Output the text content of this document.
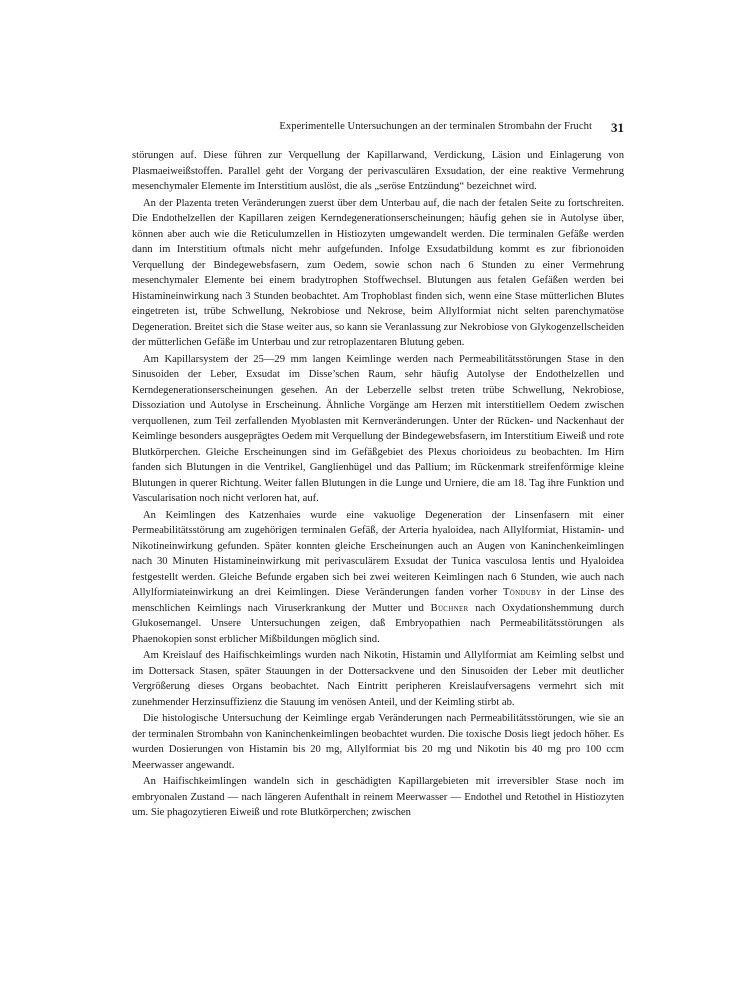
Experimentelle Untersuchungen an der terminalen Strombahn der Frucht 31

störungen auf. Diese führen zur Verquellung der Kapillarwand, Verdickung, Läsion und Einlagerung von Plasmaeiweißstoffen. Parallel geht der Vorgang der perivasculären Exsudation, der eine reaktive Vermehrung mesenchymaler Elemente im Interstitium auslöst, die als „seröse Entzündung“ bezeichnet wird.

An der Plazenta treten Veränderungen zuerst über dem Unterbau auf, die nach der fetalen Seite zu fortschreiten. Die Endothelzellen der Kapillaren zeigen Kerndegenerationserscheinungen; häufig gehen sie in Autolyse über, können aber auch wie die Reticulumzellen in Histiozyten umgewandelt werden. Die terminalen Gefäße werden dann im Interstitium oftmals nicht mehr aufgefunden. Infolge Exsudatbildung kommt es zur fibrionoiden Verquellung der Bindegewebsfasern, zum Oedem, sowie schon nach 6 Stunden zu einer Vermehrung mesenchymaler Elemente bei einem bradytrophen Stoffwechsel. Blutungen aus fetalen Gefäßen werden bei Histamineinwirkung nach 3 Stunden beobachtet. Am Trophoblast finden sich, wenn eine Stase mütterlichen Blutes eingetreten ist, trübe Schwellung, Nekrobiose und Nekrose, beim Allylformiat nicht selten parenchymatöse Degeneration. Breitet sich die Stase weiter aus, so kann sie Veranlassung zur Nekrobiose von Glykogenzellscheiden der mütterlichen Gefäße im Unterbau und zur retroplazentaren Blutung geben.

Am Kapillarsystem der 25—29 mm langen Keimlinge werden nach Permeabilitätsstörungen Stase in den Sinusoiden der Leber, Exsudat im Disse’schen Raum, sehr häufig Autolyse der Endothelzellen und Kerndegenerationserscheinungen gesehen. An der Leberzelle selbst treten trübe Schwellung, Nekrobiose, Dissoziation und Autolyse in Erscheinung. Ähnliche Vorgänge am Herzen mit interstitiellem Oedem zwischen verquollenen, zum Teil zerfallenden Myoblasten mit Kernveränderungen. Unter der Rücken- und Nackenhaut der Keimlinge besonders ausgeprägtes Oedem mit Verquellung der Bindegewebsfasern, im Interstitium Eiweiß und rote Blutkörperchen. Gleiche Erscheinungen sind im Gefäßgebiet des Plexus chorioideus zu beobachten. Im Hirn fanden sich Blutungen in die Ventrikel, Ganglienhügel und das Pallium; im Rückenmark streifenförmige kleine Blutungen in querer Richtung. Weiter fallen Blutungen in die Lunge und Urniere, die am 18. Tag ihre Funktion und Vascularisation noch nicht verloren hat, auf.

An Keimlingen des Katzenhaies wurde eine vakuolige Degeneration der Linsenfasern mit einer Permeabilitätsstörung am zugehörigen terminalen Gefäß, der Arteria hyaloidea, nach Allylformiat, Histamin- und Nikotineinwirkung gefunden. Später konnten gleiche Erscheinungen auch an Augen von Kaninchenkeimlingen nach 30 Minuten Histamineinwirkung mit perivasculärem Exsudat der Tunica vasculosa lentis und Hyaloidea festgestellt werden. Gleiche Befunde ergaben sich bei zwei weiteren Keimlingen nach 6 Stunden, wie auch nach Allylformiateinwirkung an drei Keimlingen. Diese Veränderungen fanden vorher Tönduby in der Linse des menschlichen Keimlings nach Viruserkrankung der Mutter und Büchner nach Oxydationshemmung durch Glukosemangel. Unsere Untersuchungen zeigen, daß Embryopathien nach Permeabilitätsstörungen als Phaenokopien sonst erblicher Mißbildungen möglich sind.

Am Kreislauf des Haifischkeimlings wurden nach Nikotin, Histamin und Allylformiat am Keimling selbst und im Dottersack Stasen, später Stauungen in der Dottersackvene und den Sinusoiden der Leber mit deutlicher Vergrößerung dieses Organs beobachtet. Nach Eintritt peripheren Kreislaufversagens vermehrt sich mit zunehmender Herzinsuffizienz die Stauung im venösen Anteil, und der Keimling stirbt ab.

Die histologische Untersuchung der Keimlinge ergab Veränderungen nach Permeabilitätsstörungen, wie sie an der terminalen Strombahn von Kaninchenkeimlingen beobachtet wurden. Die toxische Dosis liegt jedoch höher. Es wurden Dosierungen von Histamin bis 20 mg, Allylformiat bis 20 mg und Nikotin bis 40 mg pro 100 ccm Meerwasser angewandt.

An Haifischkeimlingen wandeln sich in geschädigten Kapillargebieten mit irreversibler Stase noch im embryonalen Zustand — nach längeren Aufenthalt in reinem Meerwasser — Endothel und Retothel in Histiozyten um. Sie phagozytieren Eiweiß und rote Blutkörperchen; zwischen
